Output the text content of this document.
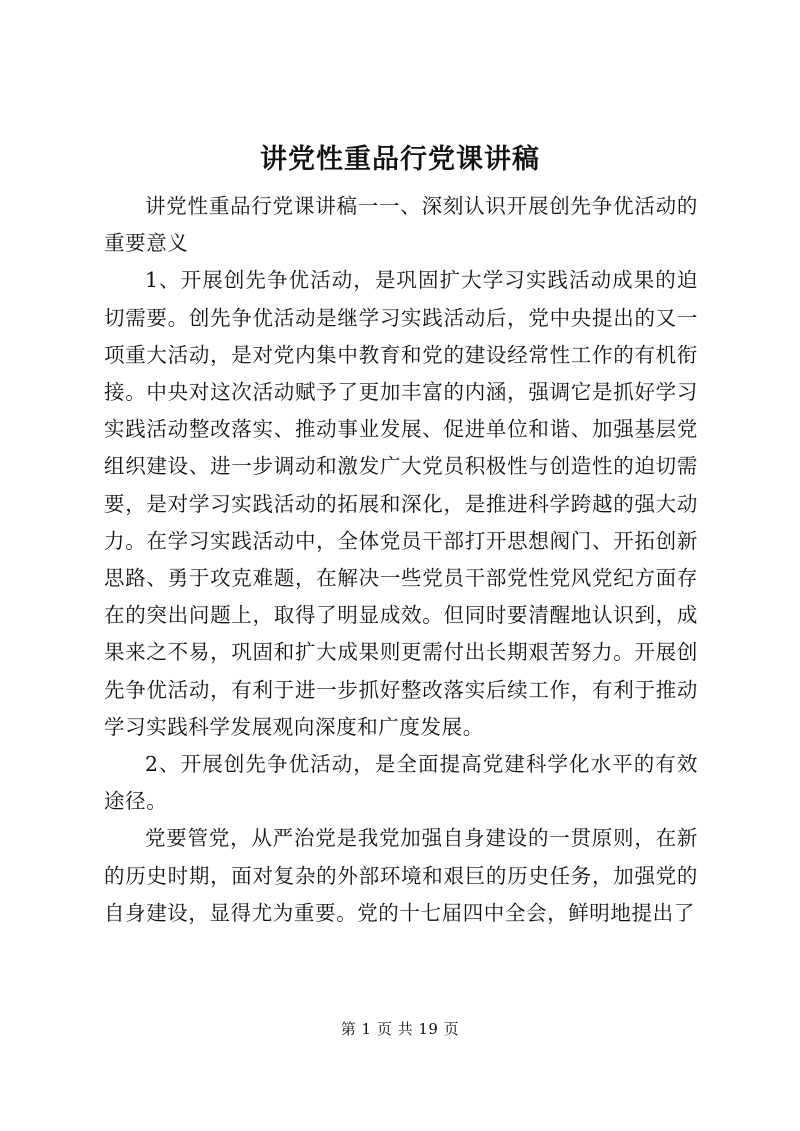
讲党性重品行党课讲稿

讲党性重品行党课讲稿一一、深刻认识开展创先争优活动的重要意义

1、开展创先争优活动，是巩固扩大学习实践活动成果的迫切需要。创先争优活动是继学习实践活动后，党中央提出的又一项重大活动，是对党内集中教育和党的建设经常性工作的有机衔接。中央对这次活动赋予了更加丰富的内涵，强调它是抓好学习实践活动整改落实、推动事业发展、促进单位和谐、加强基层党组织建设、进一步调动和激发广大党员积极性与创造性的迫切需要，是对学习实践活动的拓展和深化，是推进科学跨越的强大动力。在学习实践活动中，全体党员干部打开思想阀门、开拓创新思路、勇于攻克难题，在解决一些党员干部党性党风党纪方面存在的突出问题上，取得了明显成效。但同时要清醒地认识到，成果来之不易，巩固和扩大成果则更需付出长期艰苦努力。开展创先争优活动，有利于进一步抓好整改落实后续工作，有利于推动学习实践科学发展观向深度和广度发展。

2、开展创先争优活动，是全面提高党建科学化水平的有效途径。

党要管党，从严治党是我党加强自身建设的一贯原则，在新的历史时期，面对复杂的外部环境和艰巨的历史任务，加强党的自身建设，显得尤为重要。党的十七届四中全会，鲜明地提出了

第 1 页 共 19 页
